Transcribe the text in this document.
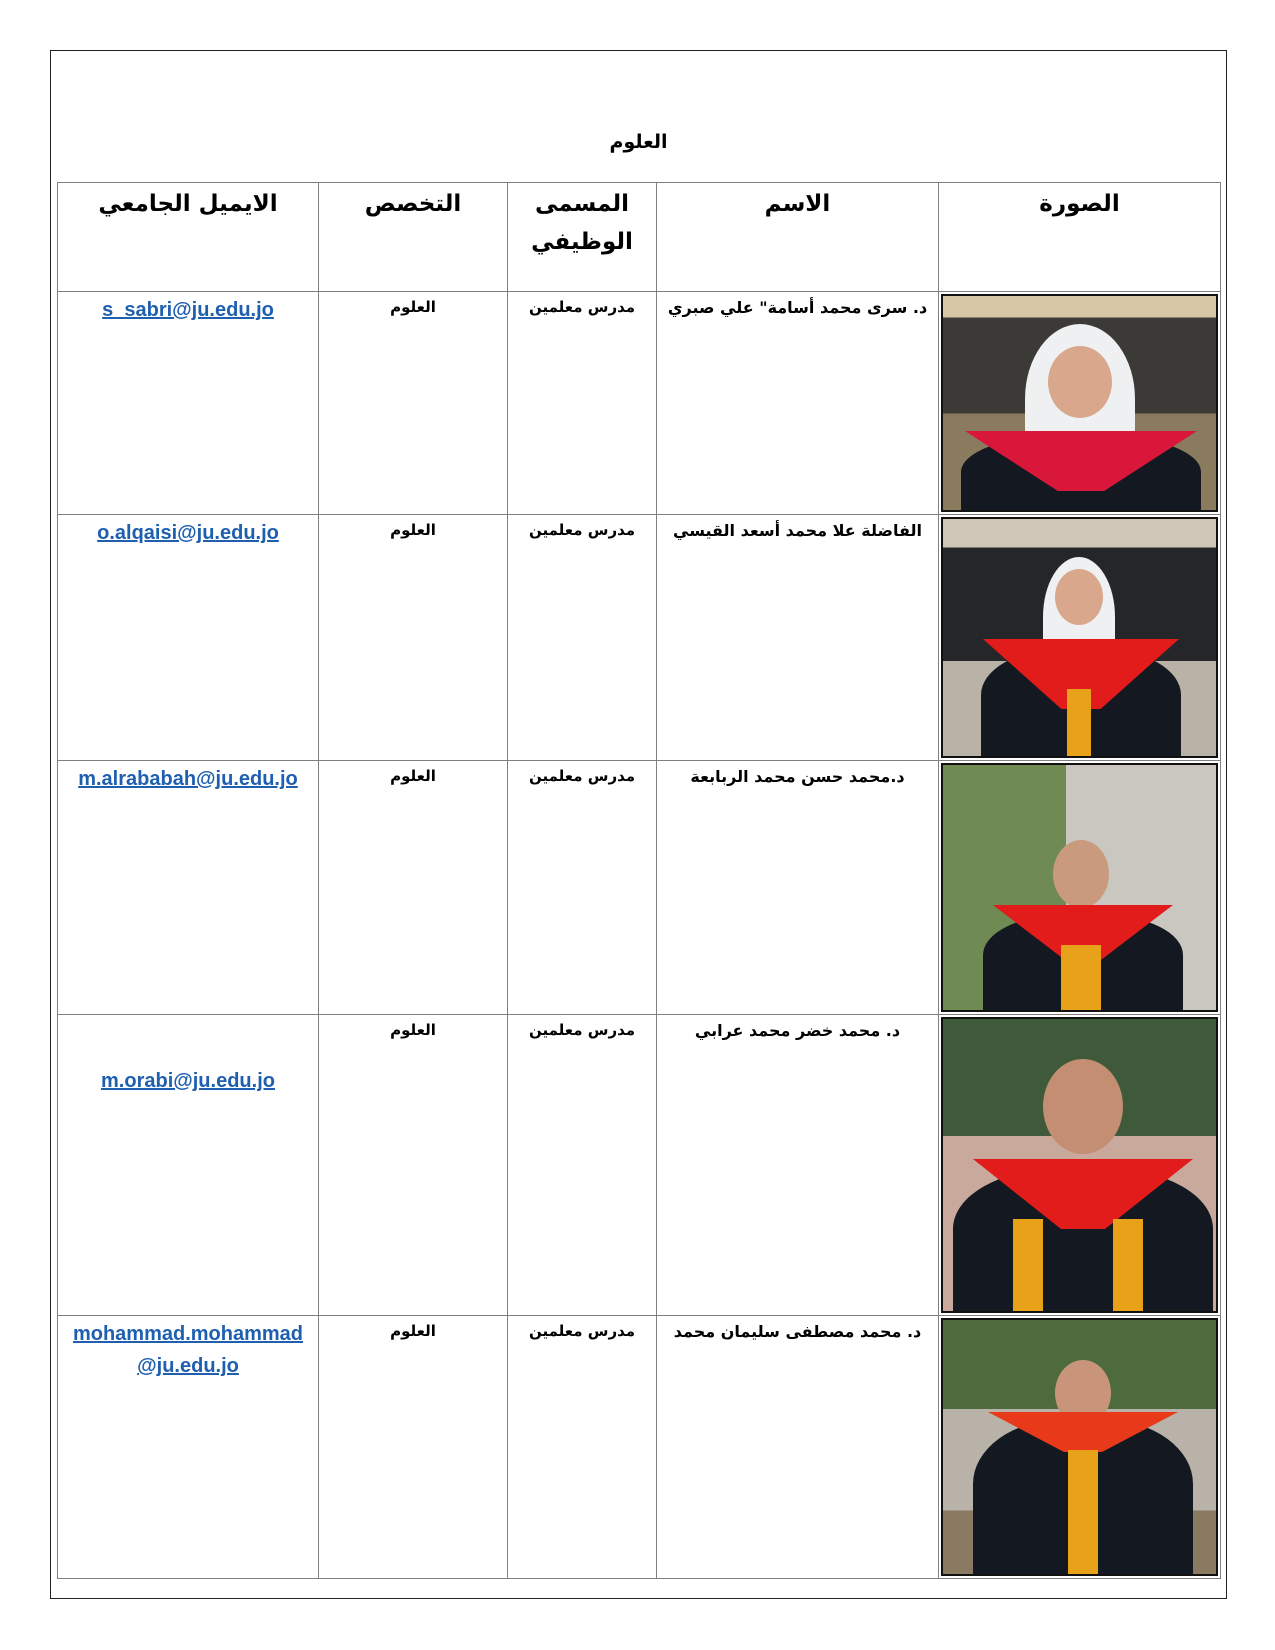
العلوم
الصورة	الاسم	المسمى الوظيفي	التخصص	الايميل الجامعي

	د. سرى محمد أسامة" علي صبري	مدرس معلمين	العلوم	s_sabri@ju.edu.jo

	الفاضلة علا محمد أسعد القيسي	مدرس معلمين	العلوم	o.alqaisi@ju.edu.jo

	د.محمد حسن محمد الربابعة	مدرس معلمين	العلوم	m.alrababah@ju.edu.jo

	د. محمد خضر محمد عرابي	مدرس معلمين	العلوم	m.orabi@ju.edu.jo

	د. محمد مصطفى سليمان محمد	مدرس معلمين	العلوم	mohammad.mohammad
@ju.edu.jo
